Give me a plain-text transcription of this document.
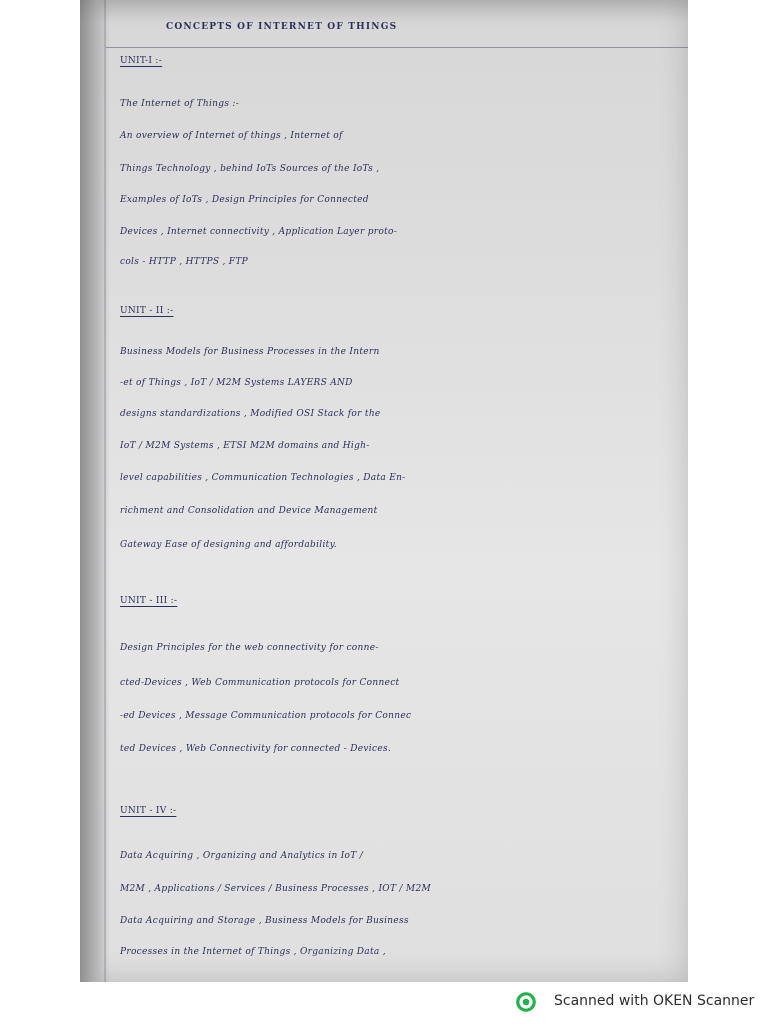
CONCEPTS OF INTERNET OF THINGS
UNIT-I :-
The Internet of Things :-
An overview of Internet of things , Internet of
Things Technology , behind IoTs Sources of the IoTs ,
Examples of IoTs , Design Principles for Connected
Devices , Internet connectivity , Application Layer proto-
cols - HTTP , HTTPS , FTP
UNIT - II :-
Business Models for Business Processes in the Intern
-et of Things , IoT / M2M Systems LAYERS AND
designs standardizations , Modified OSI Stack for the
IoT / M2M Systems , ETSI M2M domains and High-
level capabilities , Communication Technologies , Data En-
richment and Consolidation and Device Management
Gateway Ease of designing and affordability.
UNIT - III :-
Design Principles for the web connectivity for conne-
cted-Devices , Web Communication protocols for Connect
-ed Devices , Message Communication protocols for Connec
ted Devices , Web Connectivity for connected - Devices.
UNIT - IV :-
Data Acquiring , Organizing and Analytics in IoT /
M2M , Applications / Services / Business Processes , IOT / M2M
Data Acquiring and Storage , Business Models for Business
Processes in the Internet of Things , Organizing Data ,
Scanned with OKEN Scanner
